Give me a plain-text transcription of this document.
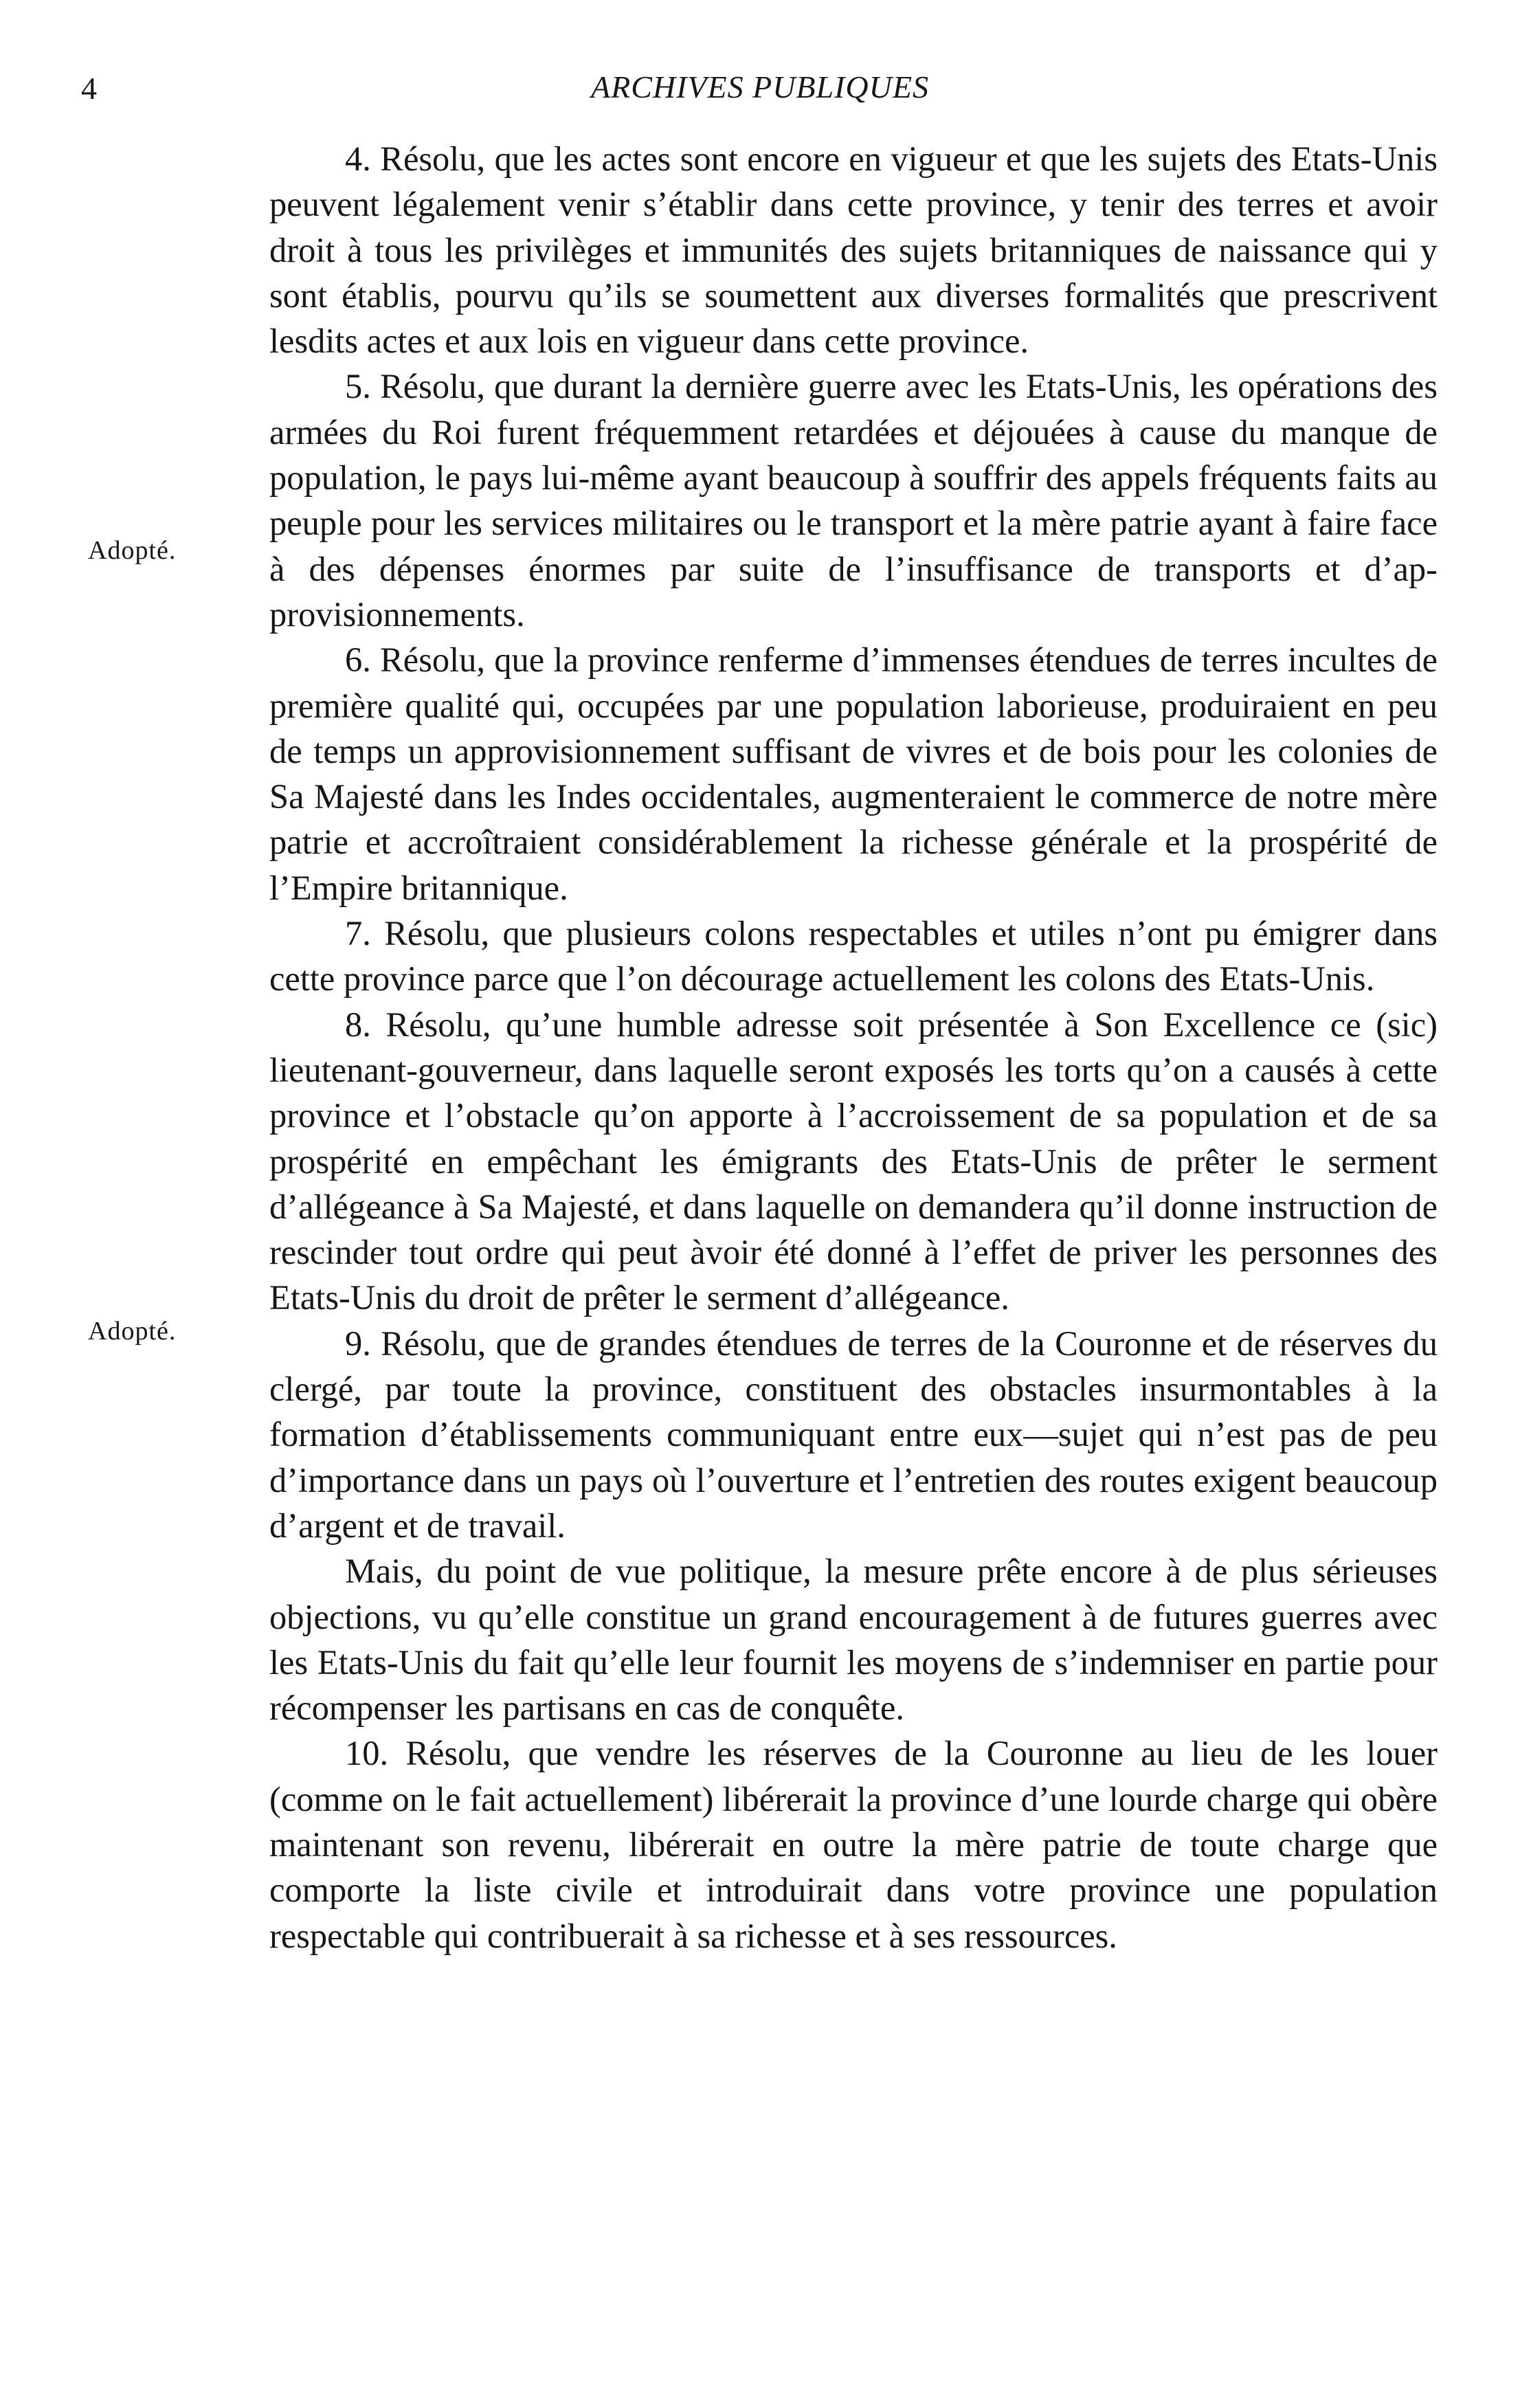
4	ARCHIVES PUBLIQUES
Adopté.
Adopté.

4. Résolu, que les actes sont encore en vigueur et que les sujets des Etats-Unis peuvent légalement venir s’établir dans cette province, y tenir des terres et avoir droit à tous les privilèges et immunités des sujets britanniques de naissance qui y sont établis, pourvu qu’ils se soumettent aux diverses formalités que prescrivent lesdits actes et aux lois en vigueur dans cette province.

5. Résolu, que durant la dernière guerre avec les Etats-Unis, les opérations des armées du Roi furent fréquemment retardées et déjouées à cause du manque de population, le pays lui-même ayant beaucoup à souffrir des appels fréquents faits au peuple pour les services militaires ou le transport et la mère patrie ayant à faire face à des dépenses énormes par suite de l’insuffisance de transports et d’approvisionnements.

6. Résolu, que la province renferme d’immenses étendues de terres incultes de première qualité qui, occupées par une population laborieuse, produiraient en peu de temps un approvisionnement suffisant de vivres et de bois pour les colonies de Sa Majesté dans les Indes occidentales, augmenteraient le commerce de notre mère patrie et accroîtraient considérablement la richesse générale et la prospérité de l’Empire britannique.

7. Résolu, que plusieurs colons respectables et utiles n’ont pu émigrer dans cette province parce que l’on décourage actuellement les colons des Etats-Unis.

8. Résolu, qu’une humble adresse soit présentée à Son Excellence ce (sic) lieutenant-gouverneur, dans laquelle seront exposés les torts qu’on a causés à cette province et l’obstacle qu’on apporte à l’accroissement de sa population et de sa prospérité en empêchant les émigrants des Etats-Unis de prêter le serment d’allégeance à Sa Majesté, et dans laquelle on demandera qu’il donne instruction de rescinder tout ordre qui peut àvoir été donné à l’effet de priver les personnes des Etats-Unis du droit de prêter le serment d’allégeance.

9. Résolu, que de grandes étendues de terres de la Couronne et de réserves du clergé, par toute la province, constituent des obstacles insurmontables à la formation d’établissements communiquant entre eux—sujet qui n’est pas de peu d’importance dans un pays où l’ouverture et l’entretien des routes exigent beaucoup d’argent et de travail.

Mais, du point de vue politique, la mesure prête encore à de plus sérieuses objections, vu qu’elle constitue un grand encouragement à de futures guerres avec les Etats-Unis du fait qu’elle leur fournit les moyens de s’indemniser en partie pour récompenser les partisans en cas de conquête.

10. Résolu, que vendre les réserves de la Couronne au lieu de les louer (comme on le fait actuellement) libérerait la province d’une lourde charge qui obère maintenant son revenu, libérerait en outre la mère patrie de toute charge que comporte la liste civile et introduirait dans votre province une population respectable qui contribuerait à sa richesse et à ses ressources.
